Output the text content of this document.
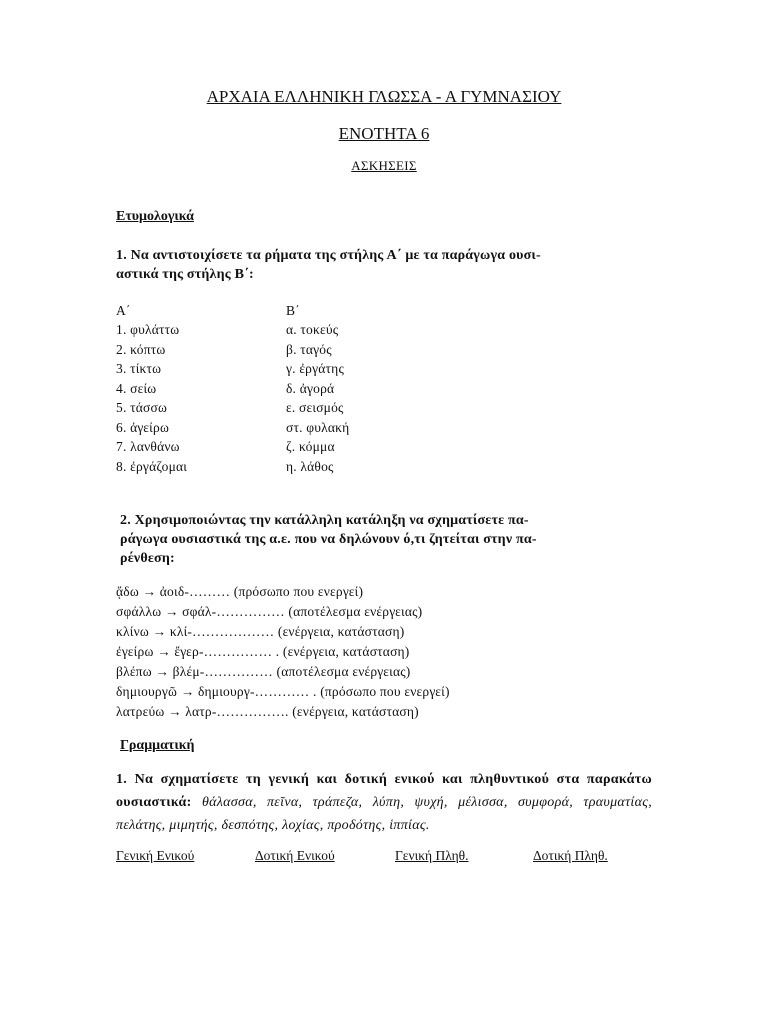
ΑΡΧΑΙΑ ΕΛΛΗΝΙΚΗ ΓΛΩΣΣΑ - Α ΓΥΜΝΑΣΙΟΥ
ΕΝΟΤΗΤΑ 6
ΑΣΚΗΣΕΙΣ
Ετυμολογικά
1. Να αντιστοιχίσετε τα ρήματα της στήλης Α΄ με τα παράγωγα ουσι-
αστικά της στήλης Β΄:
Α΄	Β΄
1. φυλάττω	α. τοκεύς
2. κόπτω	β. ταγός
3. τίκτω	γ. ἐργάτης
4. σείω	δ. ἀγορά
5. τάσσω	ε. σεισμός
6. ἀγείρω	στ. φυλακή
7. λανθάνω	ζ. κόμμα
8. ἐργάζομαι	η. λάθος
2. Χρησιμοποιώντας την κατάλληλη κατάληξη να σχηματίσετε πα-
ράγωγα ουσιαστικά της α.ε. που να δηλώνουν ό,τι ζητείται στην πα-
ρένθεση:
ᾄδω → ἀοιδ-……… (πρόσωπο που ενεργεί)
σφάλλω → σφάλ-…………… (αποτέλεσμα ενέργειας)
κλίνω → κλί-……………… (ενέργεια, κατάσταση)
ἐγείρω → ἔγερ-…………… . (ενέργεια, κατάσταση)
βλέπω → βλέμ-…………… (αποτέλεσμα ενέργειας)
δημιουργῶ → δημιουργ-………… . (πρόσωπο που ενεργεί)
λατρεύω → λατρ-……………. (ενέργεια, κατάσταση)
Γραμματική
1. Να σχηματίσετε τη γενική και δοτική ενικού και πληθυντικού στα παρακάτω ουσιαστικά: θάλασσα, πεῖνα, τράπεζα, λύπη, ψυχή, μέλισσα, συμφορά, τραυματίας, πελάτης, μιμητής, δεσπότης, λοχίας, προδότης, ἱππίας.
Γενική Ενικού	Δοτική Ενικού	Γενική Πληθ.	Δοτική Πληθ.
